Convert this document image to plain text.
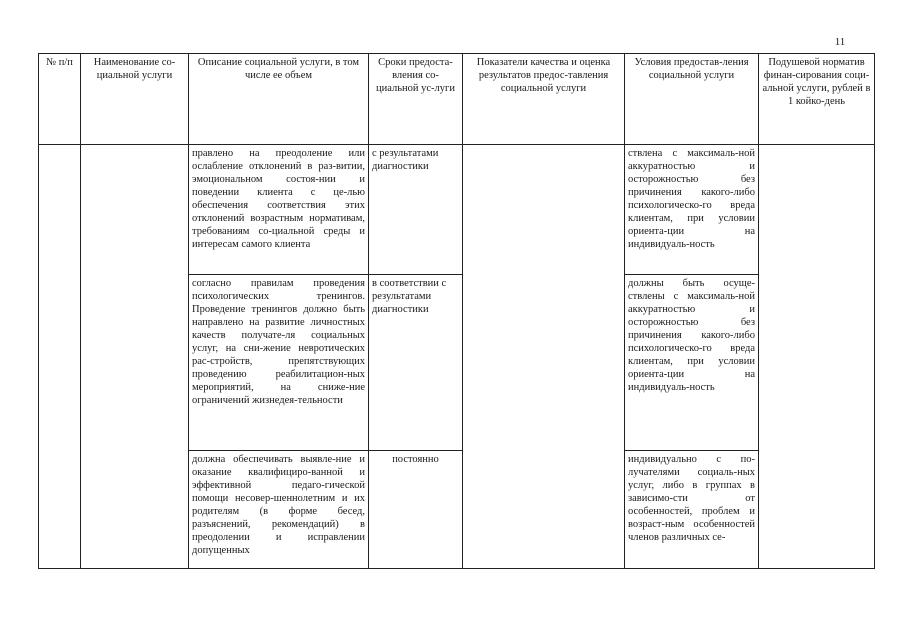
11
№ п/п	Наименование со-циальной услуги	Описание социальной услуги, в том числе ее объем	Сроки предоста-вления со-циальной ус-луги	Показатели качества и оценка результатов предос-тавления социальной услуги	Условия предостав-ления социальной услуги	Подушевой норматив финан-сирования соци-альной услуги, рублей в 1 койко-день
		правлено на преодоление или ослабление отклонений в раз-витии, эмоциональном состоя-нии и поведении клиента с це-лью обеспечения соответствия этих отклонений возрастным нормативам, требованиям со-циальной среды и интересам самого клиента	с результатами диагностики		ствлена с максималь-ной аккуратностью и осторожностью без причинения какого-либо психологическо-го вреда клиентам, при условии ориента-ции на индивидуаль-ность	
		согласно правилам проведения психологических тренингов. Проведение тренингов должно быть направлено на развитие личностных качеств получате-ля социальных услуг, на сни-жение невротических рас-стройств, препятствующих проведению реабилитацион-ных мероприятий, на сниже-ние ограничений жизнедея-тельности	в соответствии с результатами диагностики		должны быть осуще-ствлены с максималь-ной аккуратностью и осторожностью без причинения какого-либо психологическо-го вреда клиентам, при условии ориента-ции на индивидуаль-ность	
		должна обеспечивать выявле-ние и оказание квалифициро-ванной и эффективной педаго-гической помощи несовер-шеннолетним и их родителям (в форме бесед, разъяснений, рекомендаций) в преодолении и исправлении допущенных	постоянно		индивидуально с по-лучателями социаль-ных услуг, либо в группах в зависимо-сти от особенностей, проблем и возраст-ным особенностей членов различных се-	
